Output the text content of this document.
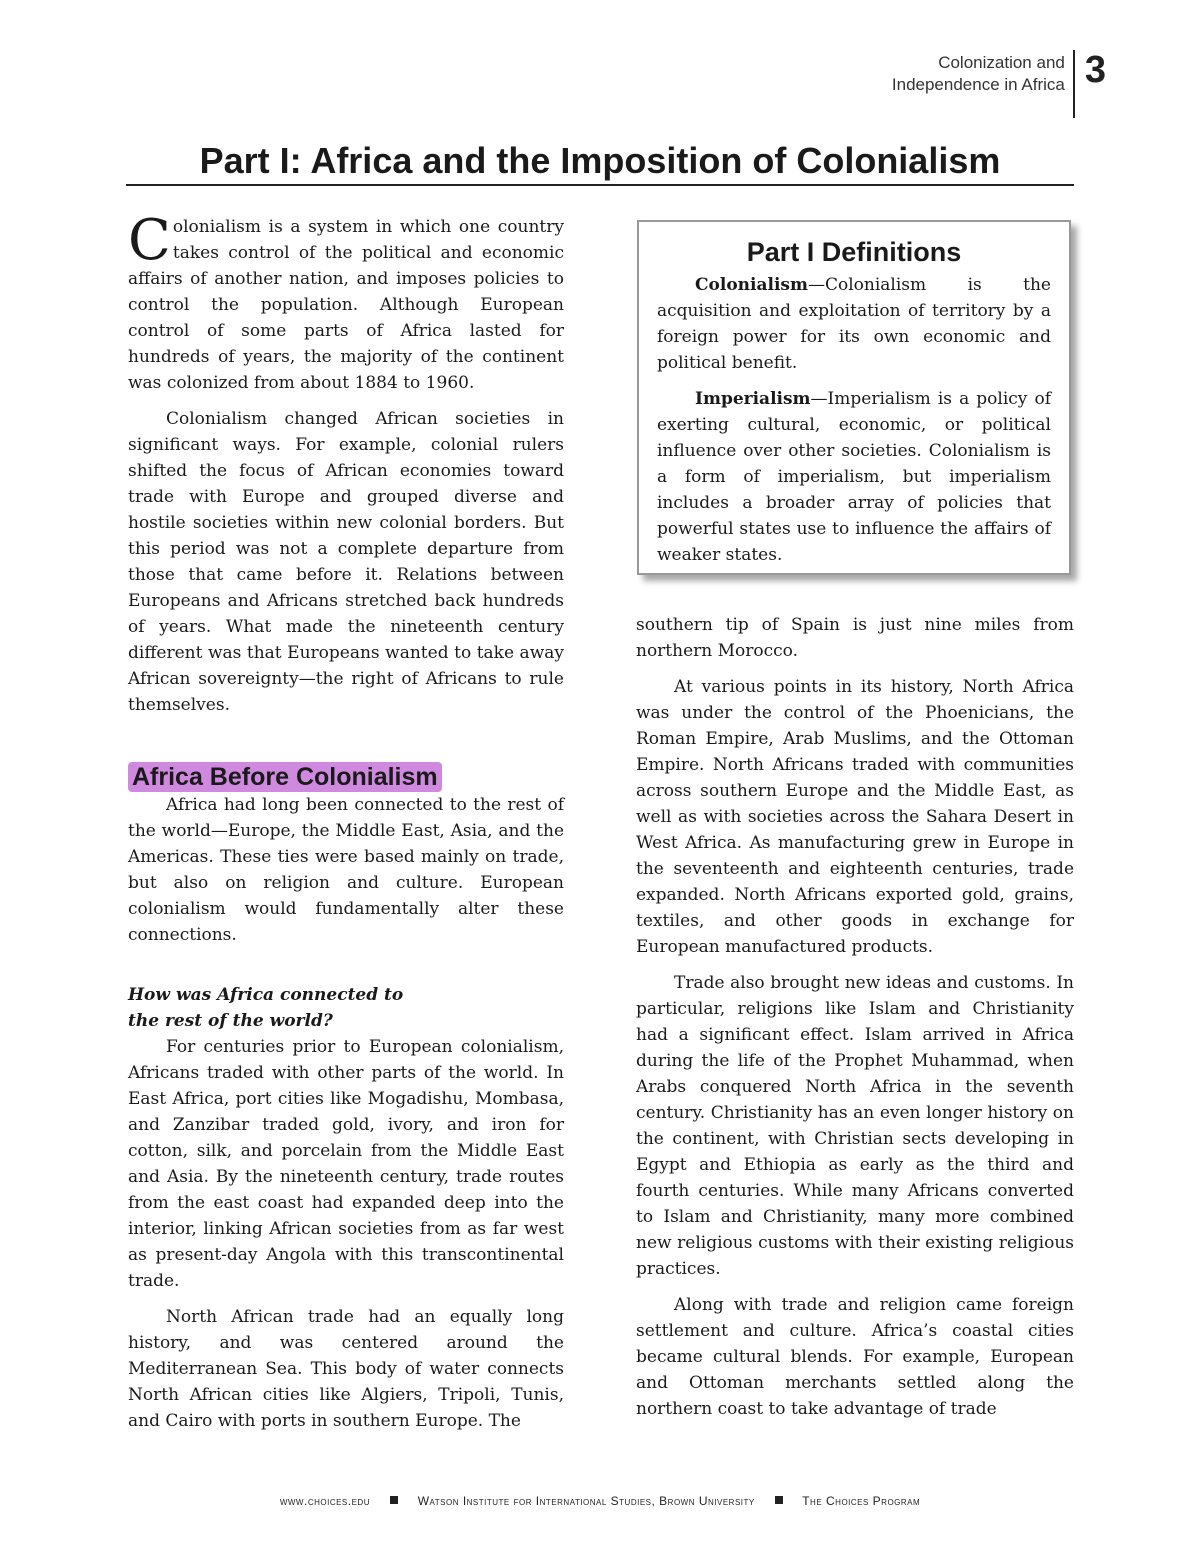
Colonization and
Independence in Africa 3
Part I: Africa and the Imposition of Colonialism

Colonialism is a system in which one country takes control of the political and economic affairs of another nation, and imposes policies to control the population. Although European control of some parts of Africa lasted for hundreds of years, the majority of the continent was colonized from about 1884 to 1960.

Colonialism changed African societies in significant ways. For example, colonial rulers shifted the focus of African economies toward trade with Europe and grouped diverse and hostile societies within new colonial borders. But this period was not a complete departure from those that came before it. Relations between Europeans and Africans stretched back hundreds of years. What made the nineteenth century different was that Europeans wanted to take away African sovereignty—the right of Africans to rule themselves.

Africa Before Colonialism

Africa had long been connected to the rest of the world—Europe, the Middle East, Asia, and the Americas. These ties were based mainly on trade, but also on religion and culture. European colonialism would fundamentally alter these connections.

How was Africa connected to
the rest of the world?

For centuries prior to European colonialism, Africans traded with other parts of the world. In East Africa, port cities like Mogadishu, Mombasa, and Zanzibar traded gold, ivory, and iron for cotton, silk, and porcelain from the Middle East and Asia. By the nineteenth century, trade routes from the east coast had expanded deep into the interior, linking African societies from as far west as present-day Angola with this transcontinental trade.

North African trade had an equally long history, and was centered around the Mediterranean Sea. This body of water connects North African cities like Algiers, Tripoli, Tunis, and Cairo with ports in southern Europe. The

Part I Definitions

Colonialism—Colonialism is the acquisition and exploitation of territory by a foreign power for its own economic and political benefit.

Imperialism—Imperialism is a policy of exerting cultural, economic, or political influence over other societies. Colonialism is a form of imperialism, but imperialism includes a broader array of policies that powerful states use to influence the affairs of weaker states.

southern tip of Spain is just nine miles from northern Morocco.

At various points in its history, North Africa was under the control of the Phoenicians, the Roman Empire, Arab Muslims, and the Ottoman Empire. North Africans traded with communities across southern Europe and the Middle East, as well as with societies across the Sahara Desert in West Africa. As manufacturing grew in Europe in the seventeenth and eighteenth centuries, trade expanded. North Africans exported gold, grains, textiles, and other goods in exchange for European manufactured products.

Trade also brought new ideas and customs. In particular, religions like Islam and Christianity had a significant effect. Islam arrived in Africa during the life of the Prophet Muhammad, when Arabs conquered North Africa in the seventh century. Christianity has an even longer history on the continent, with Christian sects developing in Egypt and Ethiopia as early as the third and fourth centuries. While many Africans converted to Islam and Christianity, many more combined new religious customs with their existing religious practices.

Along with trade and religion came foreign settlement and culture. Africa’s coastal cities became cultural blends. For example, European and Ottoman merchants settled along the northern coast to take advantage of trade

www.choices.edu	Watson Institute for International Studies, Brown University	The Choices Program
